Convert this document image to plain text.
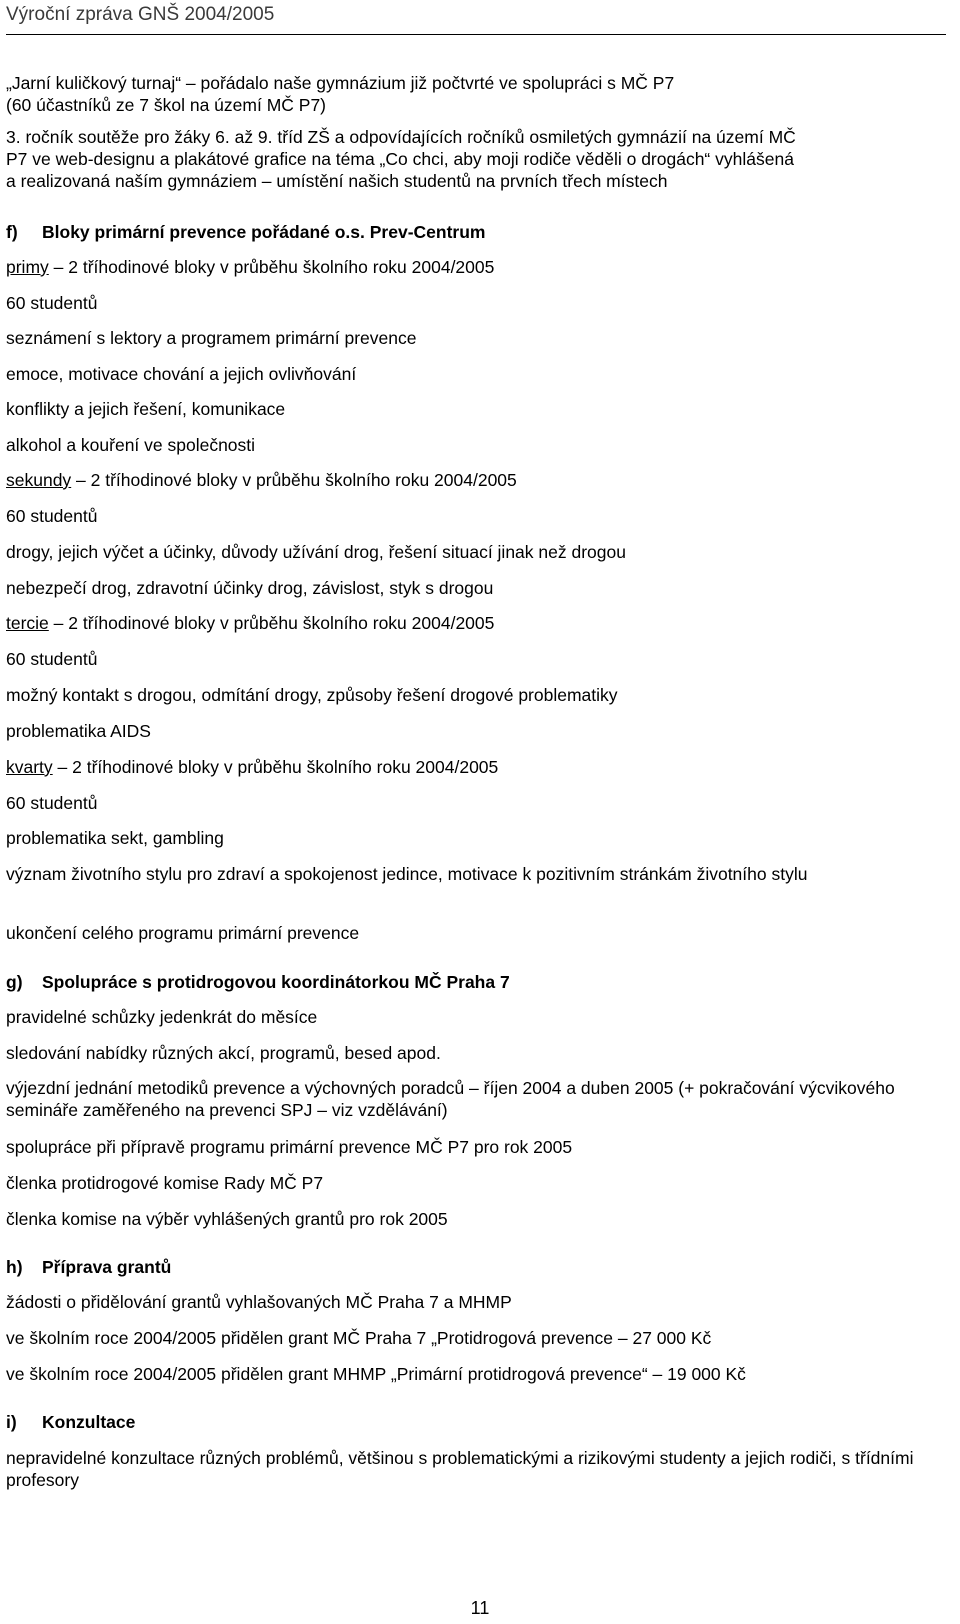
Výroční zpráva GNŠ 2004/2005
„Jarní kuličkový turnaj“ – pořádalo naše gymnázium již počtvrté ve spolupráci s MČ P7
(60 účastníků ze 7 škol na území MČ P7)
3. ročník soutěže pro žáky 6. až 9. tříd ZŠ a odpovídajících ročníků osmiletých gymnázií na území MČ
P7 ve web-designu a plakátové grafice na téma „Co chci, aby moji rodiče věděli o drogách“ vyhlášená
a realizovaná naším gymnáziem – umístění našich studentů na prvních třech místech
f) Bloky primární prevence pořádané o.s. Prev-Centrum
primy – 2 tříhodinové bloky v průběhu školního roku 2004/2005
60 studentů
seznámení s lektory a programem primární prevence
emoce, motivace chování a jejich ovlivňování
konflikty a jejich řešení, komunikace
alkohol a kouření ve společnosti
sekundy – 2 tříhodinové bloky v průběhu školního roku 2004/2005
60 studentů
drogy, jejich výčet a účinky, důvody užívání drog, řešení situací jinak než drogou
nebezpečí drog, zdravotní účinky drog, závislost, styk s drogou
tercie – 2 tříhodinové bloky v průběhu školního roku 2004/2005
60 studentů
možný kontakt s drogou, odmítání drogy, způsoby řešení drogové problematiky
problematika AIDS
kvarty – 2 tříhodinové bloky v průběhu školního roku 2004/2005
60 studentů
problematika sekt, gambling
význam životního stylu pro zdraví a spokojenost jedince, motivace k pozitivním stránkám životního stylu
ukončení celého programu primární prevence
g) Spolupráce s protidrogovou koordinátorkou MČ Praha 7
pravidelné schůzky jedenkrát do měsíce
sledování nabídky různých akcí, programů, besed apod.
výjezdní jednání metodiků prevence a výchovných poradců – říjen 2004 a duben 2005 (+ pokračování výcvikového semináře zaměřeného na prevenci SPJ – viz vzdělávání)
spolupráce při přípravě programu primární prevence MČ P7 pro rok 2005
členka protidrogové komise Rady MČ P7
členka komise na výběr vyhlášených grantů pro rok 2005
h) Příprava grantů
žádosti o přidělování grantů vyhlašovaných MČ Praha 7 a MHMP
ve školním roce 2004/2005 přidělen grant MČ Praha 7 „Protidrogová prevence – 27 000 Kč
ve školním roce 2004/2005 přidělen grant MHMP „Primární protidrogová prevence“ – 19 000 Kč
i) Konzultace
nepravidelné konzultace různých problémů, většinou s problematickými a rizikovými studenty a jejich rodiči, s třídními profesory
11
